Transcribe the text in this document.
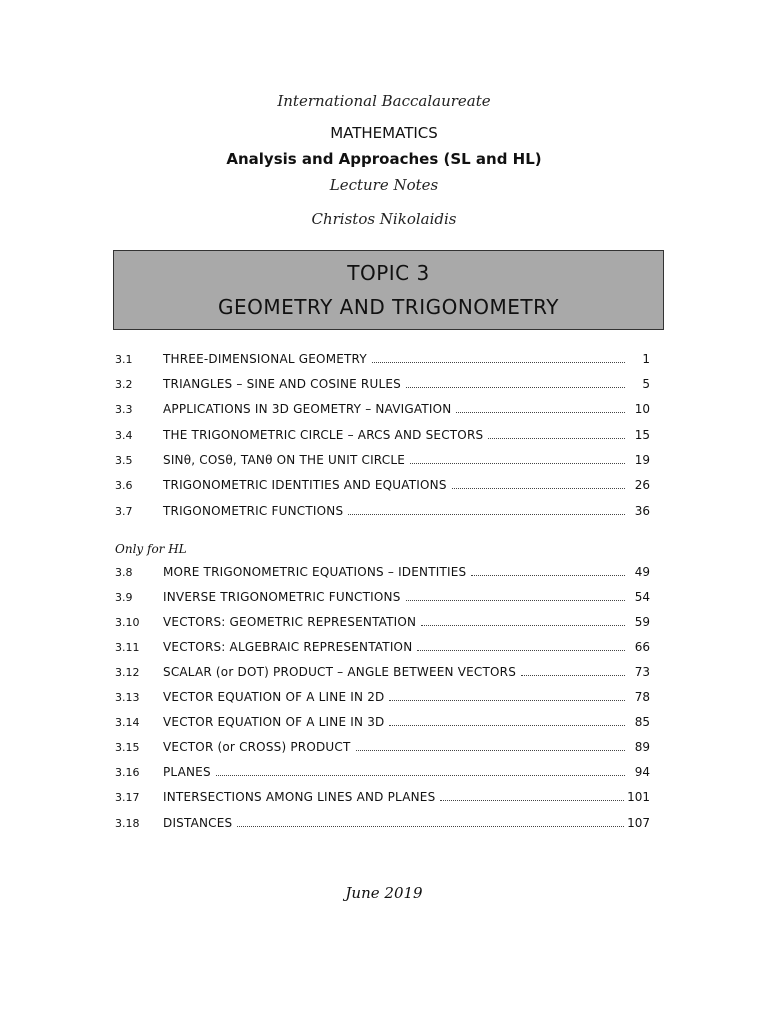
International Baccalaureate
MATHEMATICS
Analysis and Approaches (SL and HL)
Lecture Notes
Christos Nikolaidis
TOPIC 3
GEOMETRY AND TRIGONOMETRY
3.1	THREE-DIMENSIONAL GEOMETRY	1
3.2	TRIANGLES – SINE AND COSINE RULES	5
3.3	APPLICATIONS IN 3D GEOMETRY – NAVIGATION	10
3.4	THE TRIGONOMETRIC CIRCLE – ARCS AND SECTORS	15
3.5	SINθ, COSθ, TANθ ON THE UNIT CIRCLE	19
3.6	TRIGONOMETRIC IDENTITIES AND EQUATIONS	26
3.7	TRIGONOMETRIC FUNCTIONS	36
Only for HL
3.8	MORE TRIGONOMETRIC EQUATIONS – IDENTITIES	49
3.9	INVERSE TRIGONOMETRIC FUNCTIONS	54
3.10	VECTORS: GEOMETRIC REPRESENTATION	59
3.11	VECTORS: ALGEBRAIC REPRESENTATION	66
3.12	SCALAR (or DOT) PRODUCT – ANGLE BETWEEN VECTORS	73
3.13	VECTOR EQUATION OF A LINE IN 2D	78
3.14	VECTOR EQUATION OF A LINE IN 3D	85
3.15	VECTOR (or CROSS) PRODUCT	89
3.16	PLANES	94
3.17	INTERSECTIONS AMONG LINES AND PLANES	101
3.18	DISTANCES	107
June 2019
